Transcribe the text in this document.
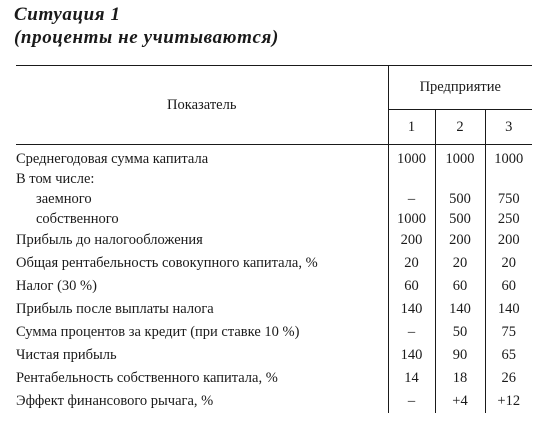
Ситуация 1
(проценты не учитываются)
Показатель	Предприятие		
	1	2	3
Среднегодовая сумма капитала	1000	1000	1000
В том числе:			
заемного	–	500	750
собственного	1000	500	250
Прибыль до налогообложения	200	200	200
Общая рентабельность совокупного капитала, %	20	20	20
Налог (30 %)	60	60	60
Прибыль после выплаты налога	140	140	140
Сумма процентов за кредит (при ставке 10 %)	–	50	75
Чистая прибыль	140	90	65
Рентабельность собственного капитала, %	14	18	26
Эффект финансового рычага, %	–	+4	+12
